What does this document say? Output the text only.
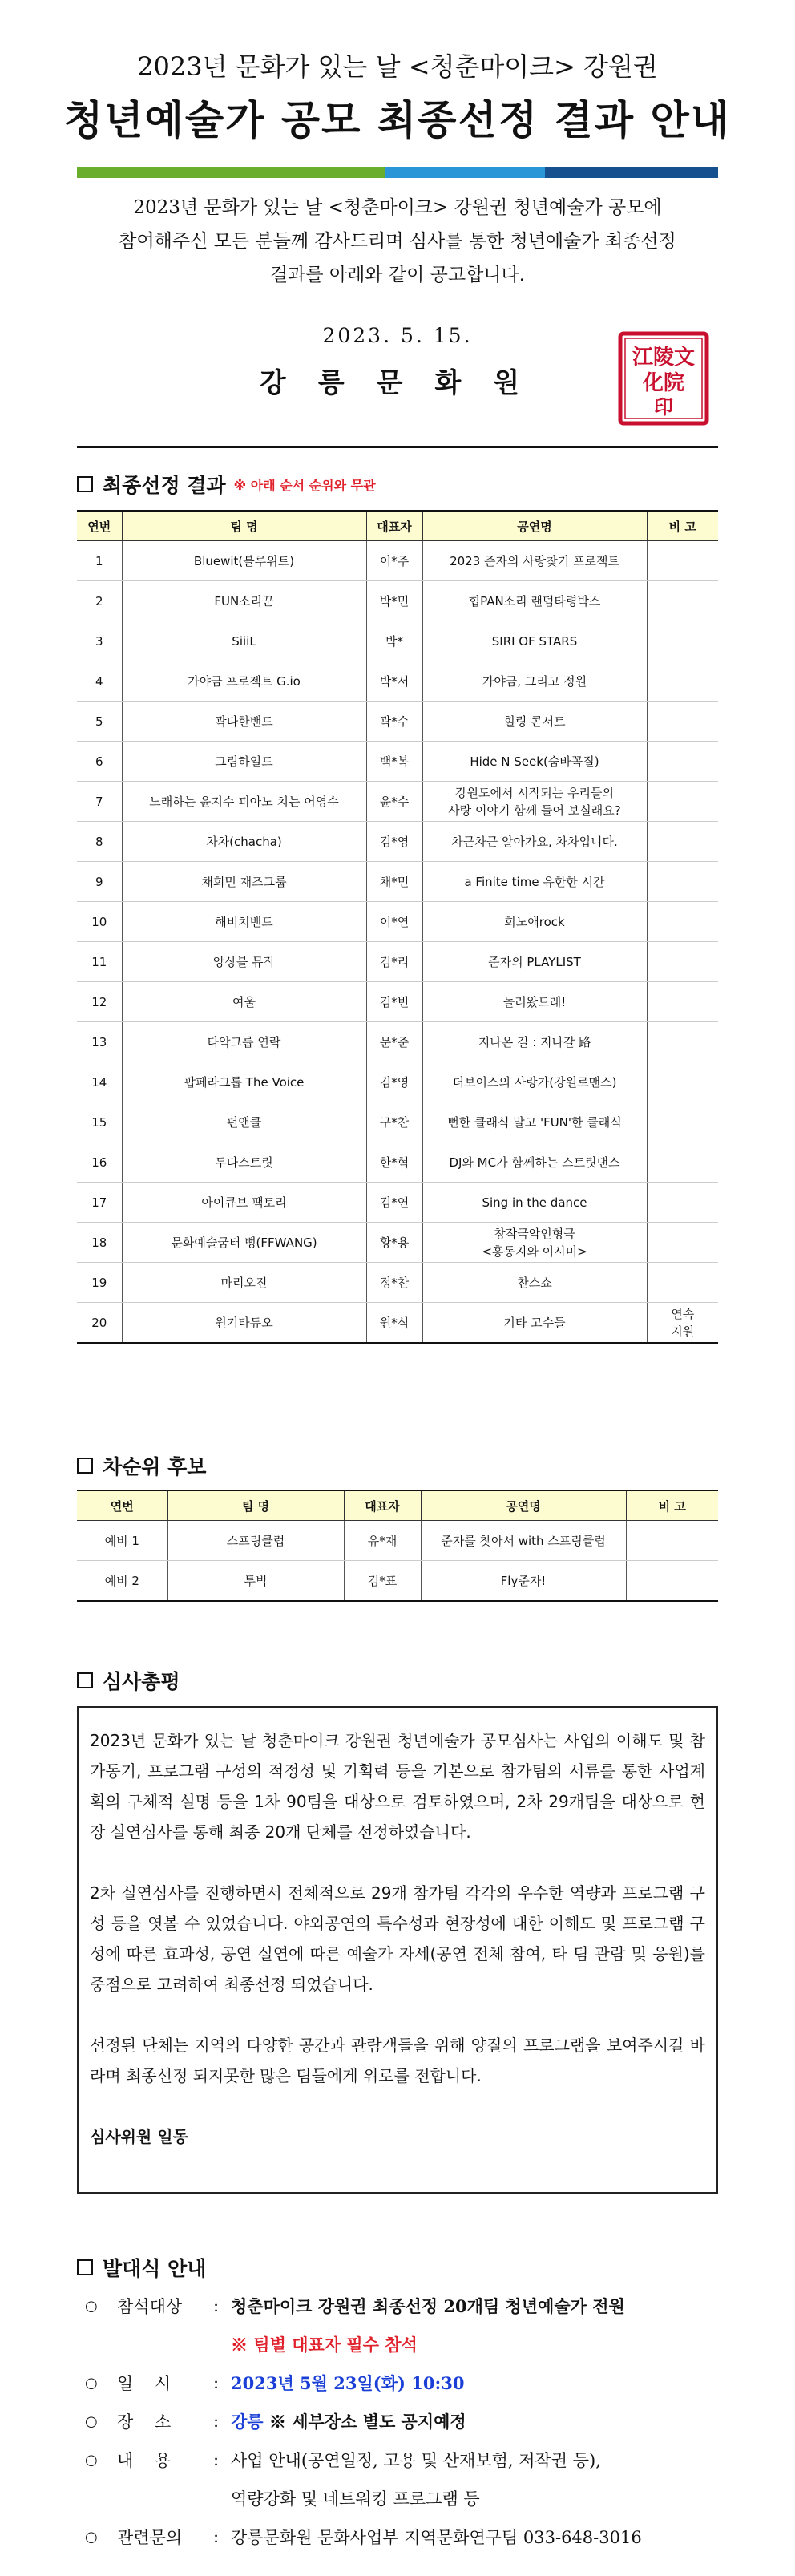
2023년 문화가 있는 날 <청춘마이크> 강원권
청년예술가 공모 최종선정 결과 안내
2023년 문화가 있는 날 <청춘마이크> 강원권 청년예술가 공모에
참여해주신 모든 분들께 감사드리며 심사를 통한 청년예술가 최종선정
결과를 아래와 같이 공고합니다.
2023. 5. 15.
강릉문화원
江陵文
化院
印
최종선정 결과 ※ 아래 순서 순위와 무관
연번	팀 명	대표자	공연명	비 고
1	Bluewit(블루위트)	이*주	2023 준자의 사랑찾기 프로젝트	
2	FUN소리꾼	박*민	힙PAN소리 랜덤타령박스	
3	SiiiL	박*	SIRI OF STARS	
4	가야금 프로젝트 G.io	박*서	가야금, 그리고 정원	
5	곽다한밴드	곽*수	힐링 콘서트	
6	그림하일드	백*복	Hide N Seek(숨바꼭질)	
7	노래하는 윤지수 피아노 치는 어영수	윤*수	강원도에서 시작되는 우리들의
사랑 이야기 함께 들어 보실래요?	
8	차차(chacha)	김*영	차근차근 알아가요, 차차입니다.	
9	채희민 재즈그룹	채*민	a Finite time 유한한 시간	
10	해비치밴드	이*연	희노애rock	
11	앙상블 뮤작	김*리	준자의 PLAYLIST	
12	여울	김*빈	놀러왔드래!	
13	타악그룹 연락	문*준	지나온 길 : 지나갈 路	
14	팝페라그룹 The Voice	김*영	더보이스의 사랑가(강원로맨스)	
15	펀앤클	구*찬	뻔한 클래식 말고 'FUN'한 클래식	
16	두다스트릿	한*혁	DJ와 MC가 함께하는 스트릿댄스	
17	아이큐브 팩토리	김*연	Sing in the dance	
18	문화예술굼터 뻥(FFWANG)	황*용	창작국악인형극
<홍동지와 이시미>	
19	마리오진	정*찬	찬스쇼	
20	원기타듀오	원*식	기타 고수들	연속
지원
차순위 후보
연번	팀 명	대표자	공연명	비 고
예비 1	스프링클럽	유*재	준자를 찾아서 with 스프링클럽	
예비 2	투빅	김*표	Fly준자!	
심사총평

2023년 문화가 있는 날 청춘마이크 강원권 청년예술가 공모심사는 사업의 이해도 및 참가동기, 프로그램 구성의 적정성 및 기획력 등을 기본으로 참가팀의 서류를 통한 사업계획의 구체적 설명 등을 1차 90팀을 대상으로 검토하였으며, 2차 29개팀을 대상으로 현장 실연심사를 통해 최종 20개 단체를 선정하였습니다.

2차 실연심사를 진행하면서 전체적으로 29개 참가팀 각각의 우수한 역량과 프로그램 구성 등을 엿볼 수 있었습니다. 야외공연의 특수성과 현장성에 대한 이해도 및 프로그램 구성에 따른 효과성, 공연 실연에 따른 예술가 자세(공연 전체 참여, 타 팀 관람 및 응원)를 중점으로 고려하여 최종선정 되었습니다.

선정된 단체는 지역의 다양한 공간과 관람객들을 위해 양질의 프로그램을 보여주시길 바라며 최종선정 되지못한 많은 팀들에게 위로를 전합니다.

심사위원 일동

발대식 안내
○	참석대상	: 청춘마이크 강원권 최종선정 20개팀 청년예술가 전원
※ 팀별 대표자 필수 참석
○	일    시	: 2023년 5월 23일(화) 10:30
○	장    소	: 강릉 ※ 세부장소 별도 공지예정
○	내    용	: 사업 안내(공연일정, 고용 및 산재보험, 저작권 등),
역량강화 및 네트워킹 프로그램 등
○	관련문의	: 강릉문화원 문화사업부 지역문화연구팀 033-648-3016
